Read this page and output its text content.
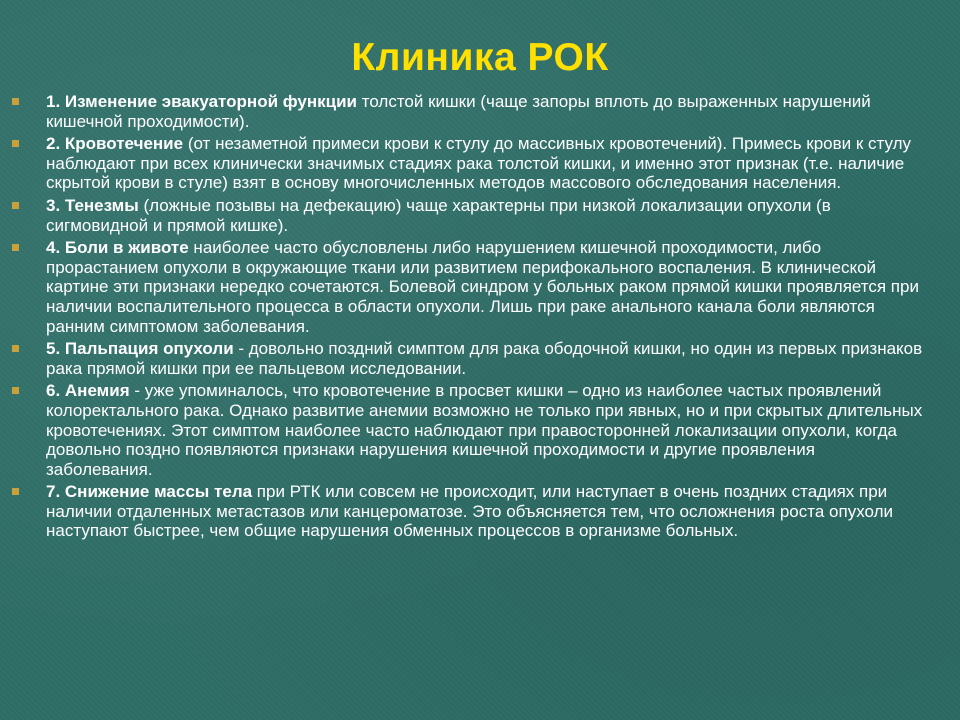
Клиника РОК
1. Изменение эвакуаторной функции толстой кишки (чаще запоры вплоть до выраженных нарушений кишечной проходимости).
2. Кровотечение (от незаметной примеси крови к стулу до массивных кровотечений). Примесь крови к стулу наблюдают при всех клинически значимых стадиях рака толстой кишки, и именно этот признак (т.е. наличие скрытой крови в стуле) взят в основу многочисленных методов массового обследования населения.
3. Тенезмы (ложные позывы на дефекацию) чаще характерны при низкой локализации опухоли (в сигмовидной и прямой кишке).
4. Боли в животе наиболее часто обусловлены либо нарушением кишечной проходимости, либо прорастанием опухоли в окружающие ткани или развитием перифокального воспаления. В клинической картине эти признаки нередко сочетаются. Болевой синдром у больных раком прямой кишки проявляется при наличии воспалительного процесса в области опухоли. Лишь при раке анального канала боли являются ранним симптомом заболевания.
5. Пальпация опухоли - довольно поздний симптом для рака ободочной кишки, но один из первых признаков рака прямой кишки при ее пальцевом исследовании.
6. Анемия - уже упоминалось, что кровотечение в просвет кишки – одно из наиболее частых проявлений колоректального рака. Однако развитие анемии возможно не только при явных, но и при скрытых длительных кровотечениях. Этот симптом наиболее часто наблюдают при правосторонней локализации опухоли, когда довольно поздно появляются признаки нарушения кишечной проходимости и другие проявления заболевания.
7. Снижение массы тела при РТК или совсем не происходит, или наступает в очень поздних стадиях при наличии отдаленных метастазов или канцероматозе. Это объясняется тем, что осложнения роста опухоли наступают быстрее, чем общие нарушения обменных процессов в организме больных.
